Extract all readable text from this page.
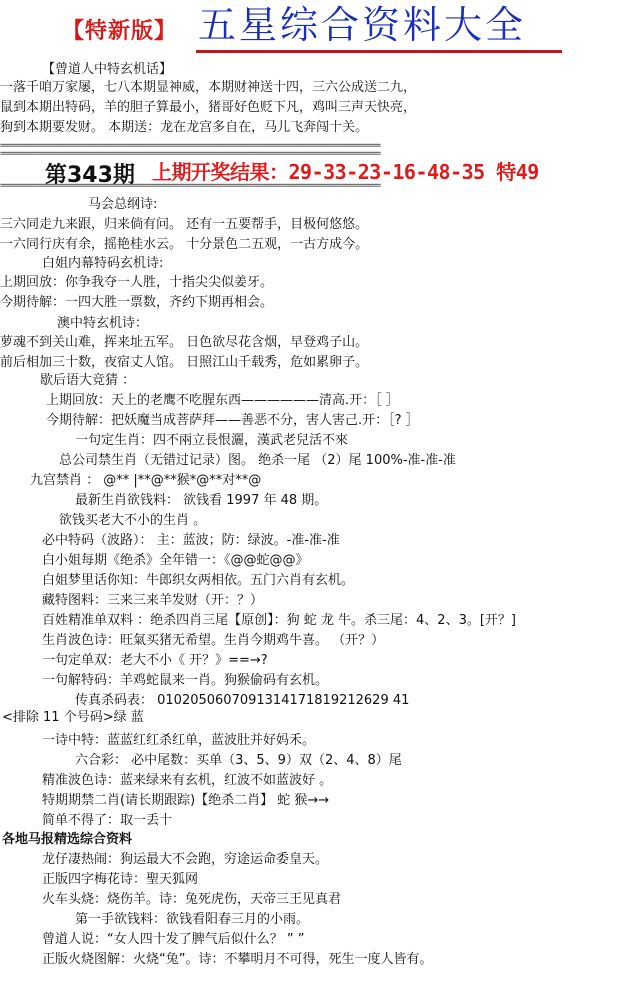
【特新版】 五星综合资料大全
【曾道人中特玄机话】
一落千咱万家屡，七八本期显神威，本期财神送十四，三六公成送二九，
鼠到本期出特码，羊的胆子算最小，猪哥好色贬下凡，鸡叫三声天快亮，
狗到本期要发财。 本期送：龙在龙宫多自在，马儿飞奔闯十关。
======================================================================================
======================================================================================
第343期 上期开奖结果：29-33-23-16-48-35 特49
======================================================================================
马会总纲诗:
三六同走九来跟，归来倘有问。 还有一五要帮手，目极何悠悠。
一六同行庆有余，摇艳桂水云。 十分景色二五观，一古方成今。
白姐内幕特码玄机诗:
上期回放：你争我夺一人胜，十指尖尖似姜牙。
今期待解：一四大胜一票数，齐约下期再相会。
澳中特玄机诗：
萝魂不到关山难，挥来址五军。 日色欲尽花含烟，早登鸡子山。
前后相加三十数，夜宿丈人馆。 日照江山千载秀，危如累卵子。
歇后语大竞猜 ：
上期回放：天上的老鹰不吃腥东西——————清高.开：［ ］
今期待解：把妖魔当成菩萨拜——善恶不分，害人害己.开：［? ］
一句定生肖：四不兩立長恨灑，漢武老兒活不來
总公司禁生肖（无错过记录）图。 绝杀一尾 （2）尾 100%-准-准-准
九宫禁肖 ： @** |**@**猴*@**对**@
最新生肖欲钱料： 欲钱看 1997 年 48 期。
欲钱买老大不小的生肖 。
必中特码（波路）： 主：蓝波；防：绿波。-准-准-准
白小姐每期《绝杀》全年错一：《@@蛇@@》
白姐梦里话你知：牛郎织女两相依。五门六肖有玄机。
藏特图料：三来三来羊发财（开：？）
百姓精准单双料 ：绝杀四肖三尾【原创】：狗 蛇 龙 牛。杀三尾：4、2、3。[开？]
生肖波色诗：旺氣买猪无希望。生肖今期鸡牛喜。 （开？）
一句定单双：老大不小《 开？》==→?
一句解特码：羊鸡蛇鼠来一肖。狗猴偷码有玄机。
传真杀码表： 0102050607091314171819212629 41
<排除 11 个号码>绿 蓝
一诗中特：蓝蓝红红杀红单，蓝波肚并好妈禾。
六合彩： 必中尾数：买单（3、5、9）双（2、4、8）尾
精准波色诗：蓝来绿来有玄机，红波不如蓝波好 。
特期期禁二肖(请长期跟踪)【绝杀二肖】 蛇 猴→→
简单不得了：取一丢十
各地马报精选综合资料
龙仔凄热闹：狗运最大不会跑，穷途运命委皇天。
正版四字梅花诗：聖天狐网
火车头烧：烧伤羊。诗：兔死虎伤，天帝三王见真君
第一手欲钱料：欲钱看阳春三月的小雨。
曾道人说：“女人四十发了脾气后似什么？ ” ”
正版火烧图解：火烧“兔”。诗：不攀明月不可得，死生一度人皆有。
